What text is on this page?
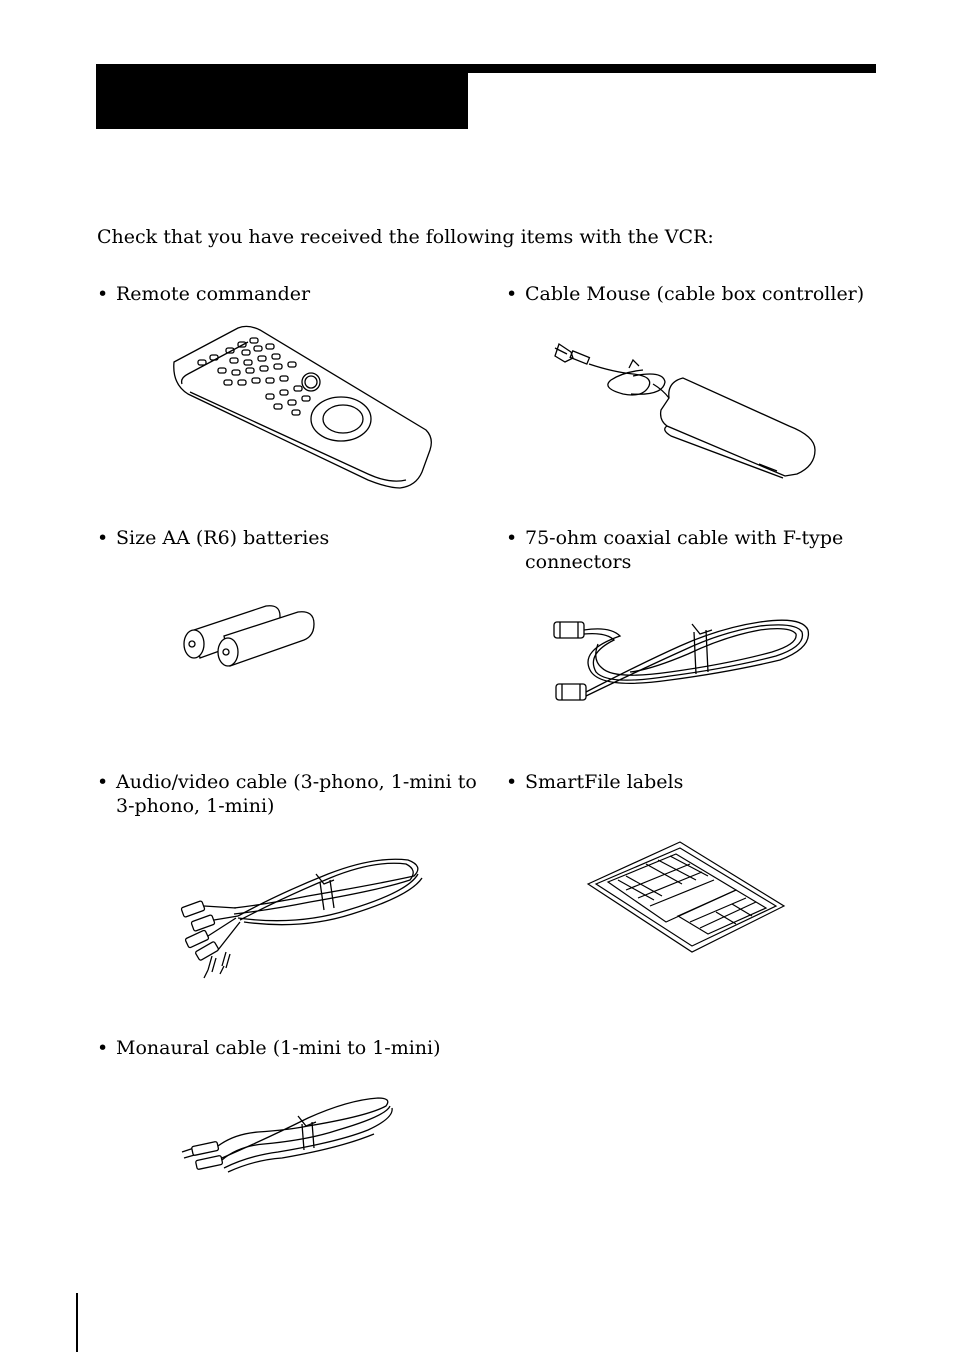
Check that you have received the following items with the VCR:
• Remote commander	• Cable Mouse (cable box controller)
• Size AA (R6) batteries	• 75-ohm coaxial cable with F-type connectors
• Audio/video cable (3-phono, 1-mini to 3-phono, 1-mini)
• SmartFile labels
• Monaural cable (1-mini to 1-mini)
